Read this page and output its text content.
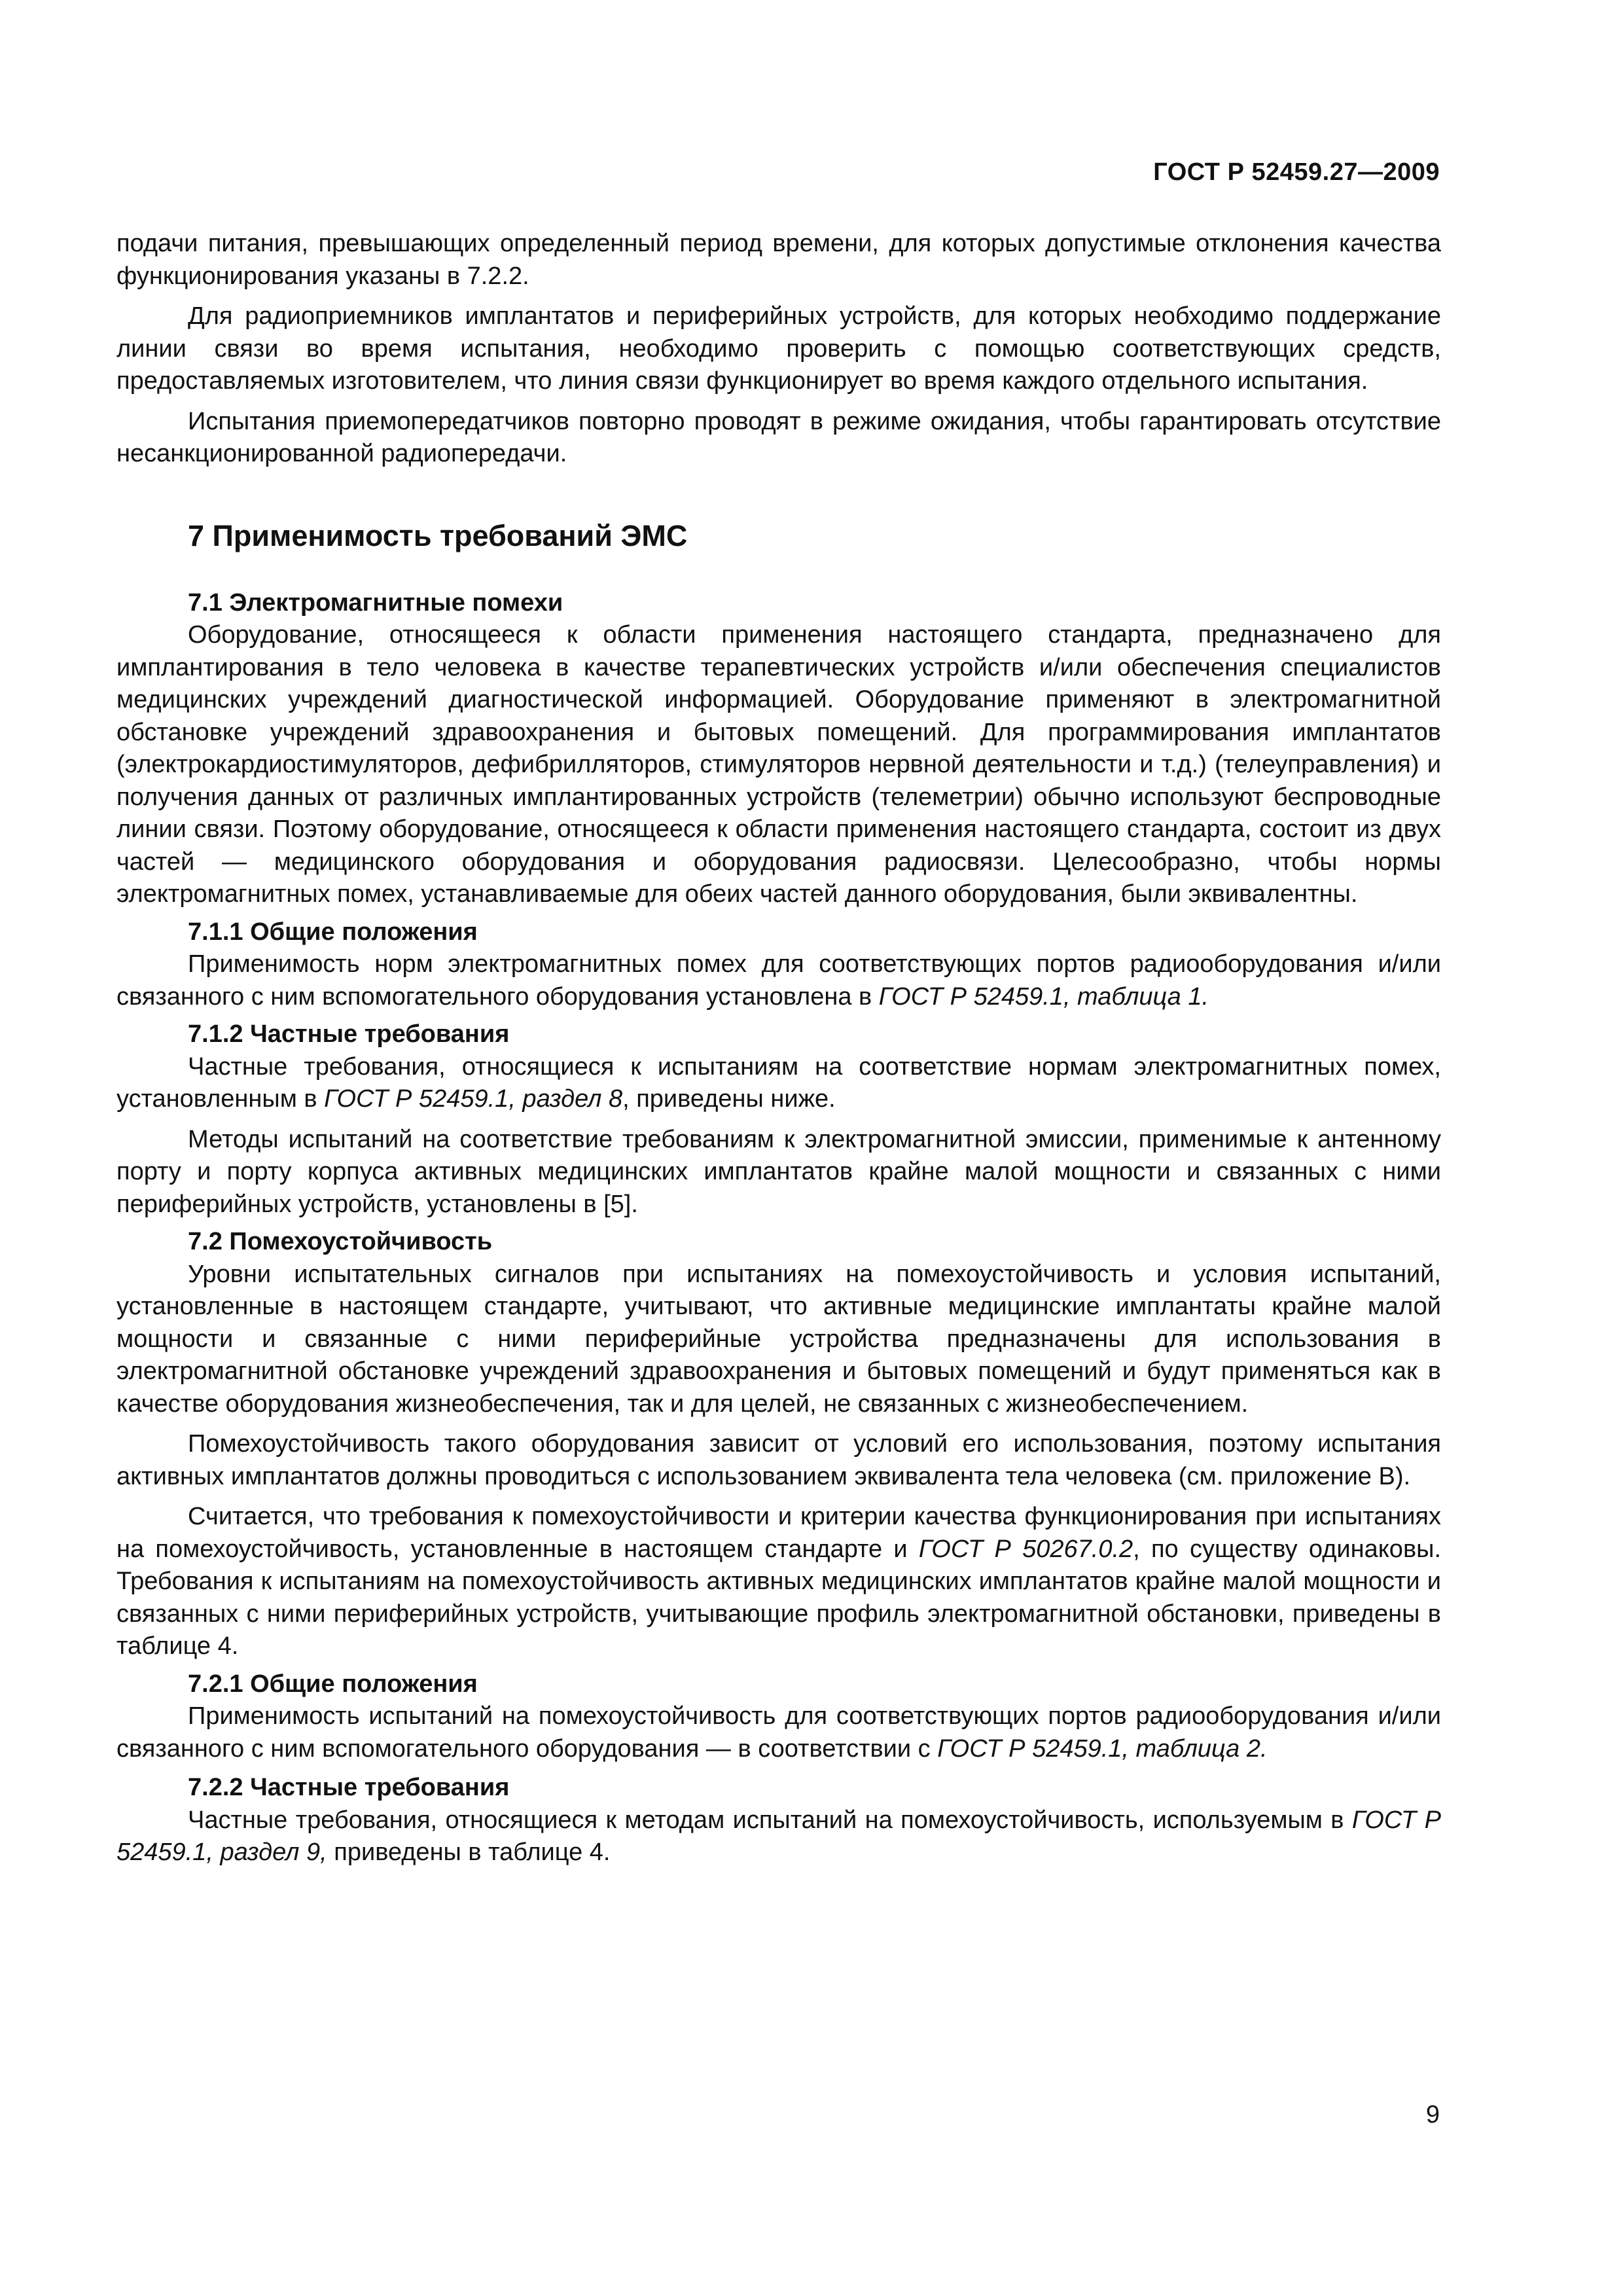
ГОСТ Р 52459.27—2009

подачи питания, превышающих определенный период времени, для которых допустимые отклонения качества функционирования указаны в 7.2.2.

Для радиоприемников имплантатов и периферийных устройств, для которых необходимо поддержание линии связи во время испытания, необходимо проверить с помощью соответствующих средств, предоставляемых изготовителем, что линия связи функционирует во время каждого отдельного испытания.

Испытания приемопередатчиков повторно проводят в режиме ожидания, чтобы гарантировать отсутствие несанкционированной радиопередачи.

7 Применимость требований ЭМС
7.1 Электромагнитные помехи

Оборудование, относящееся к области применения настоящего стандарта, предназначено для имплантирования в тело человека в качестве терапевтических устройств и/или обеспечения специалистов медицинских учреждений диагностической информацией. Оборудование применяют в электромагнитной обстановке учреждений здравоохранения и бытовых помещений. Для программирования имплантатов (электрокардиостимуляторов, дефибрилляторов, стимуляторов нервной деятельности и т.д.) (телеуправления) и получения данных от различных имплантированных устройств (телеметрии) обычно используют беспроводные линии связи. Поэтому оборудование, относящееся к области применения настоящего стандарта, состоит из двух частей — медицинского оборудования и оборудования радиосвязи. Целесообразно, чтобы нормы электромагнитных помех, устанавливаемые для обеих частей данного оборудования, были эквивалентны.

7.1.1 Общие положения

Применимость норм электромагнитных помех для соответствующих портов радиооборудования и/или связанного с ним вспомогательного оборудования установлена в ГОСТ Р 52459.1, таблица 1.

7.1.2 Частные требования

Частные требования, относящиеся к испытаниям на соответствие нормам электромагнитных помех, установленным в ГОСТ Р 52459.1, раздел 8, приведены ниже.

Методы испытаний на соответствие требованиям к электромагнитной эмиссии, применимые к антенному порту и порту корпуса активных медицинских имплантатов крайне малой мощности и связанных с ними периферийных устройств, установлены в [5].

7.2 Помехоустойчивость

Уровни испытательных сигналов при испытаниях на помехоустойчивость и условия испытаний, установленные в настоящем стандарте, учитывают, что активные медицинские имплантаты крайне малой мощности и связанные с ними периферийные устройства предназначены для использования в электромагнитной обстановке учреждений здравоохранения и бытовых помещений и будут применяться как в качестве оборудования жизнеобеспечения, так и для целей, не связанных с жизнеобеспечением.

Помехоустойчивость такого оборудования зависит от условий его использования, поэтому испытания активных имплантатов должны проводиться с использованием эквивалента тела человека (см. приложение В).

Считается, что требования к помехоустойчивости и критерии качества функционирования при испытаниях на помехоустойчивость, установленные в настоящем стандарте и ГОСТ Р 50267.0.2, по существу одинаковы. Требования к испытаниям на помехоустойчивость активных медицинских имплантатов крайне малой мощности и связанных с ними периферийных устройств, учитывающие профиль электромагнитной обстановки, приведены в таблице 4.

7.2.1 Общие положения

Применимость испытаний на помехоустойчивость для соответствующих портов радиооборудования и/или связанного с ним вспомогательного оборудования — в соответствии с ГОСТ Р 52459.1, таблица 2.

7.2.2 Частные требования

Частные требования, относящиеся к методам испытаний на помехоустойчивость, используемым в ГОСТ Р 52459.1, раздел 9, приведены в таблице 4.

9
